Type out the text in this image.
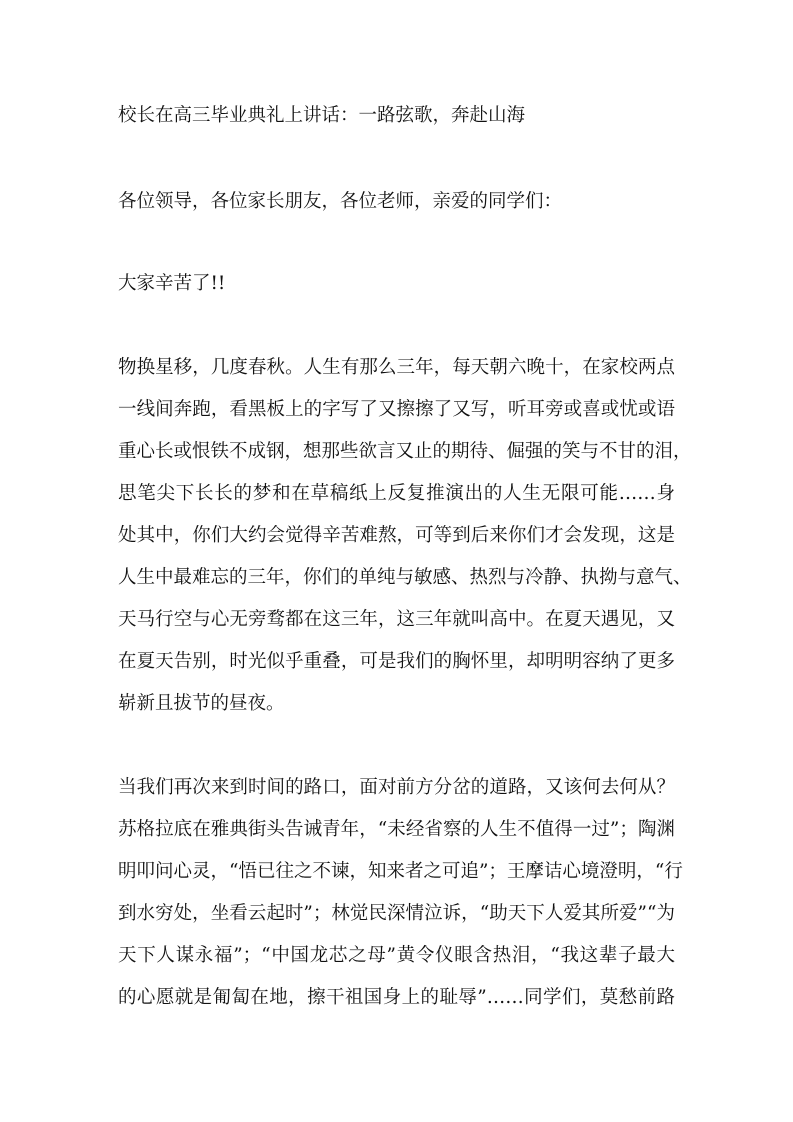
校长在高三毕业典礼上讲话：一路弦歌，奔赴山海

各位领导，各位家长朋友，各位老师，亲爱的同学们：

大家辛苦了!!

物换星移，几度春秋。人生有那么三年，每天朝六晚十，在家校两点

一线间奔跑，看黑板上的字写了又擦擦了又写，听耳旁或喜或忧或语

重心长或恨铁不成钢，想那些欲言又止的期待、倔强的笑与不甘的泪，

思笔尖下长长的梦和在草稿纸上反复推演出的人生无限可能……身

处其中，你们大约会觉得辛苦难熬，可等到后来你们才会发现，这是

人生中最难忘的三年，你们的单纯与敏感、热烈与冷静、执拗与意气、

天马行空与心无旁骛都在这三年，这三年就叫高中。在夏天遇见，又

在夏天告别，时光似乎重叠，可是我们的胸怀里，却明明容纳了更多

崭新且拔节的昼夜。

当我们再次来到时间的路口，面对前方分岔的道路，又该何去何从？

苏格拉底在雅典街头告诫青年，“未经省察的人生不值得一过”；陶渊

明叩问心灵，“悟已往之不谏，知来者之可追”；王摩诘心境澄明，“行

到水穷处，坐看云起时”；林觉民深情泣诉，“助天下人爱其所爱”“为

天下人谋永福”；“中国龙芯之母”黄令仪眼含热泪，“我这辈子最大

的心愿就是匍匐在地，擦干祖国身上的耻辱”……同学们，莫愁前路
